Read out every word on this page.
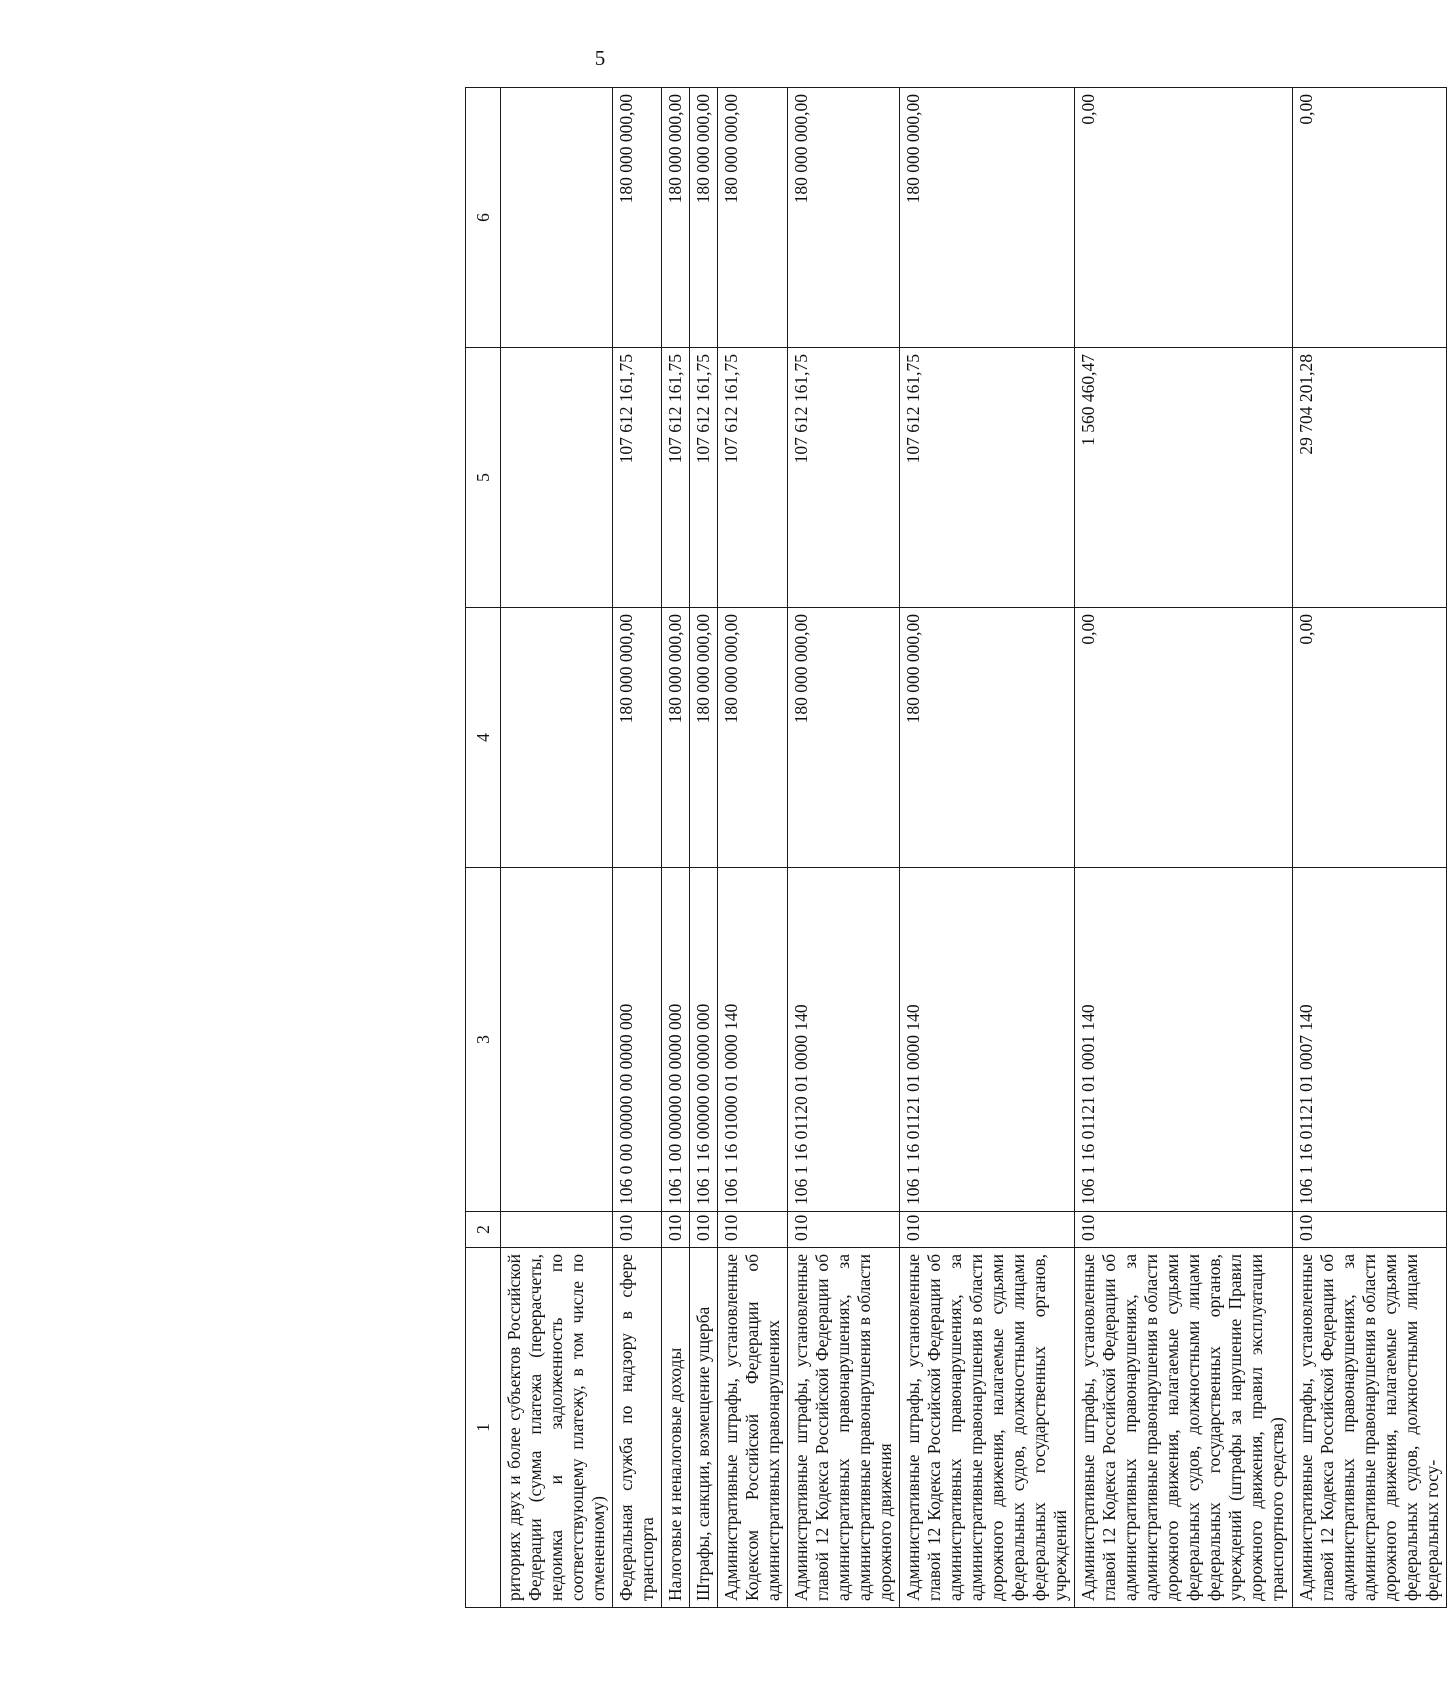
5
1	2	3	4	5	6
риториях двух и более субъектов Российской Федерации (сумма платежа (перерасчеты, недоимка и задолженность по соответствующему платежу, в том числе по отмененному)					
Федеральная служба по надзору в сфере транспорта	010	106 0 00 00000 00 0000 000	180 000 000,00	107 612 161,75	180 000 000,00
Налоговые и неналоговые доходы	010	106 1 00 00000 00 0000 000	180 000 000,00	107 612 161,75	180 000 000,00
Штрафы, санкции, возмещение ущерба	010	106 1 16 00000 00 0000 000	180 000 000,00	107 612 161,75	180 000 000,00
Административные штрафы, установленные Кодексом Российской Федерации об административных правонарушениях	010	106 1 16 01000 01 0000 140	180 000 000,00	107 612 161,75	180 000 000,00
Административные штрафы, установленные главой 12 Кодекса Российской Федерации об административных правонарушениях, за административные правонарушения в области дорожного движения	010	106 1 16 01120 01 0000 140	180 000 000,00	107 612 161,75	180 000 000,00
Административные штрафы, установленные главой 12 Кодекса Российской Федерации об административных правонарушениях, за административные правонарушения в области дорожного движения, налагаемые судьями федеральных судов, должностными лицами федеральных государственных органов, учреждений	010	106 1 16 01121 01 0000 140	180 000 000,00	107 612 161,75	180 000 000,00
Административные штрафы, установленные главой 12 Кодекса Российской Федерации об административных правонарушениях, за административные правонарушения в области дорожного движения, налагаемые судьями федеральных судов, должностными лицами федеральных государственных органов, учреждений (штрафы за нарушение Правил дорожного движения, правил эксплуатации транспортного средства)	010	106 1 16 01121 01 0001 140	0,00	1 560 460,47	0,00
Административные штрафы, установленные главой 12 Кодекса Российской Федерации об административных правонарушениях, за административные правонарушения в области дорожного движения, налагаемые судьями федеральных судов, должностными лицами федеральных госу-	010	106 1 16 01121 01 0007 140	0,00	29 704 201,28	0,00
